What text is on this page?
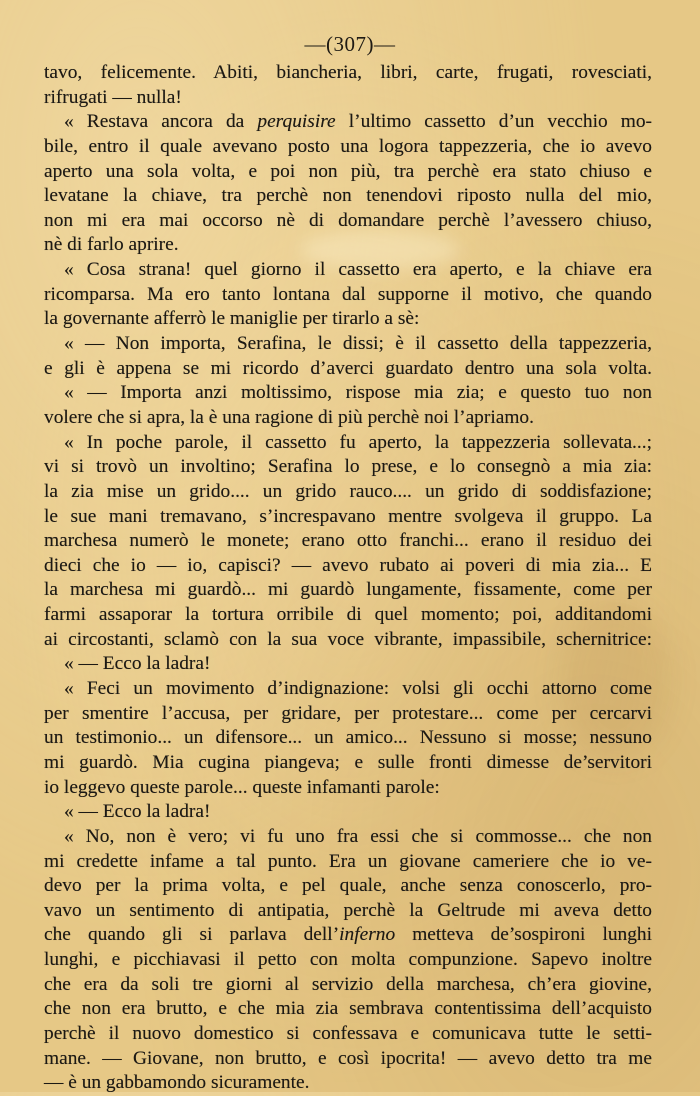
—(307)—
tavo, felicemente. Abiti, biancheria, libri, carte, frugati, rovesciati,
rifrugati — nulla!
« Restava ancora da perquisire l’ultimo cassetto d’un vecchio mo-
bile, entro il quale avevano posto una logora tappezzeria, che io avevo
aperto una sola volta, e poi non più, tra perchè era stato chiuso e
levatane la chiave, tra perchè non tenendovi riposto nulla del mio,
non mi era mai occorso nè di domandare perchè l’avessero chiuso,
nè di farlo aprire.
« Cosa strana! quel giorno il cassetto era aperto, e la chiave era
ricomparsa. Ma ero tanto lontana dal supporne il motivo, che quando
la governante afferrò le maniglie per tirarlo a sè:
« — Non importa, Serafina, le dissi; è il cassetto della tappezzeria,
e gli è appena se mi ricordo d’averci guardato dentro una sola volta.
« — Importa anzi moltissimo, rispose mia zia; e questo tuo non
volere che si apra, la è una ragione di più perchè noi l’apriamo.
« In poche parole, il cassetto fu aperto, la tappezzeria sollevata...;
vi si trovò un involtino; Serafina lo prese, e lo consegnò a mia zia:
la zia mise un grido.... un grido rauco.... un grido di soddisfazione;
le sue mani tremavano, s’increspavano mentre svolgeva il gruppo. La
marchesa numerò le monete; erano otto franchi... erano il residuo dei
dieci che io — io, capisci? — avevo rubato ai poveri di mia zia... E
la marchesa mi guardò... mi guardò lungamente, fissamente, come per
farmi assaporar la tortura orribile di quel momento; poi, additandomi
ai circostanti, sclamò con la sua voce vibrante, impassibile, schernitrice:
« — Ecco la ladra!
« Feci un movimento d’indignazione: volsi gli occhi attorno come
per smentire l’accusa, per gridare, per protestare... come per cercarvi
un testimonio... un difensore... un amico... Nessuno si mosse; nessuno
mi guardò. Mia cugina piangeva; e sulle fronti dimesse de’servitori
io leggevo queste parole... queste infamanti parole:
« — Ecco la ladra!
« No, non è vero; vi fu uno fra essi che si commosse... che non
mi credette infame a tal punto. Era un giovane cameriere che io ve-
devo per la prima volta, e pel quale, anche senza conoscerlo, pro-
vavo un sentimento di antipatia, perchè la Geltrude mi aveva detto
che quando gli si parlava dell’inferno metteva de’sospironi lunghi
lunghi, e picchiavasi il petto con molta compunzione. Sapevo inoltre
che era da soli tre giorni al servizio della marchesa, ch’era giovine,
che non era brutto, e che mia zia sembrava contentissima dell’acquisto
perchè il nuovo domestico si confessava e comunicava tutte le setti-
mane. — Giovane, non brutto, e così ipocrita! — avevo detto tra me
— è un gabbamondo sicuramente.
